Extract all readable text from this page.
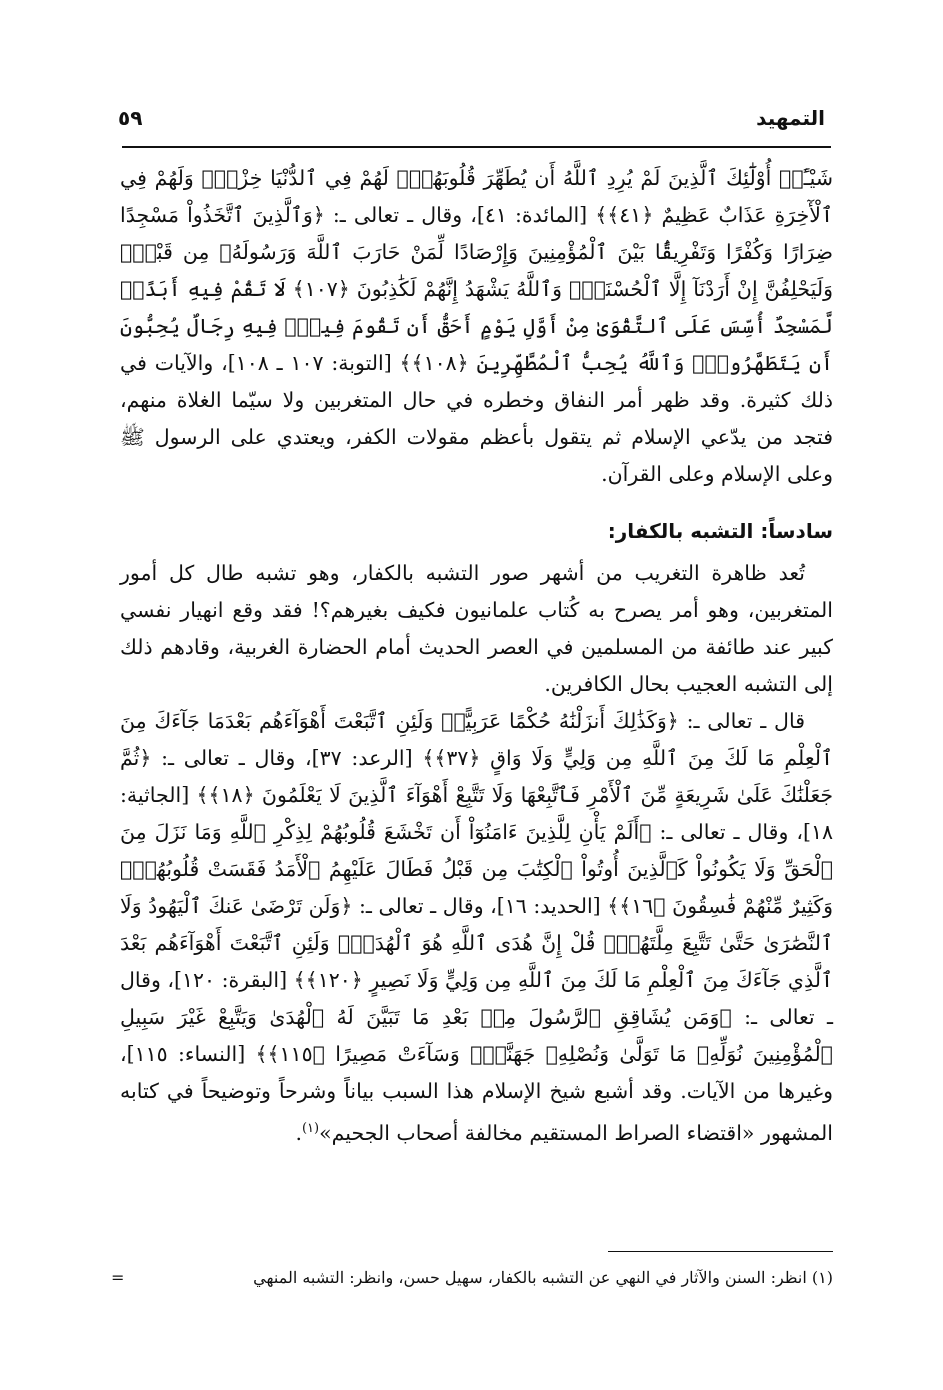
التمهيد
٥٩

شَيْـًٔاۚ أُوْلَٰٓئِكَ ٱلَّذِينَ لَمْ يُرِدِ ٱللَّهُ أَن يُطَهِّرَ قُلُوبَهُمْۚ لَهُمْ فِي ٱلدُّنْيَا خِزْيٌۖ وَلَهُمْ فِي ٱلْأٓخِرَةِ عَذَابٌ عَظِيمٌ ﴿٤١﴾﴾ [المائدة: ٤١]، وقال ـ تعالى ـ: ﴿وَٱلَّذِينَ ٱتَّخَذُواْ مَسْجِدًا ضِرَارًا وَكُفْرًا وَتَفْرِيقًۢا بَيْنَ ٱلْمُؤْمِنِينَ وَإِرْصَادًا لِّمَنْ حَارَبَ ٱللَّهَ وَرَسُولَهُۥ مِن قَبْلُۚ وَلَيَحْلِفُنَّ إِنْ أَرَدْنَآ إِلَّا ٱلْحُسْنَىٰۖ وَٱللَّهُ يَشْهَدُ إِنَّهُمْ لَكَٰذِبُونَ ﴿١٠٧﴾ لَا تَقُمْ فِيهِ أَبَدًاۚ لَّمَسْجِدٌ أُسِّسَ عَلَى ٱلتَّقْوَىٰ مِنْ أَوَّلِ يَوْمٍ أَحَقُّ أَن تَقُومَ فِيهِۚ فِيهِ رِجَالٌ يُحِبُّونَ أَن يَتَطَهَّرُواْۚ وَٱللَّهُ يُحِبُّ ٱلْمُطَّهِّرِينَ ﴿١٠٨﴾﴾ [التوبة: ١٠٧ ـ ١٠٨]، والآيات في ذلك كثيرة. وقد ظهر أمر النفاق وخطره في حال المتغربين ولا سيّما الغلاة منهم، فتجد من يدّعي الإسلام ثم يتقول بأعظم مقولات الكفر، ويعتدي على الرسول ﷺ وعلى الإسلام وعلى القرآن.

سادساً: التشبه بالكفار:

تُعد ظاهرة التغريب من أشهر صور التشبه بالكفار، وهو تشبه طال كل أمور المتغربين، وهو أمر يصرح به كُتاب علمانيون فكيف بغيرهم؟! فقد وقع انهيار نفسي كبير عند طائفة من المسلمين في العصر الحديث أمام الحضارة الغربية، وقادهم ذلك إلى التشبه العجيب بحال الكافرين.

قال ـ تعالى ـ: ﴿وَكَذَٰلِكَ أَنزَلْنَٰهُ حُكْمًا عَرَبِيًّاۚ وَلَئِنِ ٱتَّبَعْتَ أَهْوَآءَهُم بَعْدَمَا جَآءَكَ مِنَ ٱلْعِلْمِ مَا لَكَ مِنَ ٱللَّهِ مِن وَلِيٍّ وَلَا وَاقٍ ﴿٣٧﴾﴾ [الرعد: ٣٧]، وقال ـ تعالى ـ: ﴿ثُمَّ جَعَلْنَٰكَ عَلَىٰ شَرِيعَةٍ مِّنَ ٱلْأَمْرِ فَٱتَّبِعْهَا وَلَا تَتَّبِعْ أَهْوَآءَ ٱلَّذِينَ لَا يَعْلَمُونَ ﴿١٨﴾﴾ [الجاثية: ١٨]، وقال ـ تعالى ـ: ﴿أَلَمْ يَأْنِ لِلَّذِينَ ءَامَنُوٓاْ أَن تَخْشَعَ قُلُوبُهُمْ لِذِكْرِ ٱللَّهِ وَمَا نَزَلَ مِنَ ٱلْحَقِّ وَلَا يَكُونُواْ كَٱلَّذِينَ أُوتُواْ ٱلْكِتَٰبَ مِن قَبْلُ فَطَالَ عَلَيْهِمُ ٱلْأَمَدُ فَقَسَتْ قُلُوبُهُمْۖ وَكَثِيرٌ مِّنْهُمْ فَٰسِقُونَ ﴿١٦﴾﴾ [الحديد: ١٦]، وقال ـ تعالى ـ: ﴿وَلَن تَرْضَىٰ عَنكَ ٱلْيَهُودُ وَلَا ٱلنَّصَٰرَىٰ حَتَّىٰ تَتَّبِعَ مِلَّتَهُمْۗ قُلْ إِنَّ هُدَى ٱللَّهِ هُوَ ٱلْهُدَىٰۗ وَلَئِنِ ٱتَّبَعْتَ أَهْوَآءَهُم بَعْدَ ٱلَّذِي جَآءَكَ مِنَ ٱلْعِلْمِ مَا لَكَ مِنَ ٱللَّهِ مِن وَلِيٍّ وَلَا نَصِيرٍ ﴿١٢٠﴾﴾ [البقرة: ١٢٠]، وقال ـ تعالى ـ: ﴿وَمَن يُشَاقِقِ ٱلرَّسُولَ مِنۢ بَعْدِ مَا تَبَيَّنَ لَهُ ٱلْهُدَىٰ وَيَتَّبِعْ غَيْرَ سَبِيلِ ٱلْمُؤْمِنِينَ نُوَلِّهِۦ مَا تَوَلَّىٰ وَنُصْلِهِۦ جَهَنَّمَۖ وَسَآءَتْ مَصِيرًا ﴿١١٥﴾﴾ [النساء: ١١٥]، وغيرها من الآيات. وقد أشبع شيخ الإسلام هذا السبب بياناً وشرحاً وتوضيحاً في كتابه المشهور «اقتضاء الصراط المستقيم مخالفة أصحاب الجحيم»$^{(١)}$.

(١) انظر: السنن والآثار في النهي عن التشبه بالكفار، سهيل حسن، وانظر: التشبه المنهي
=
